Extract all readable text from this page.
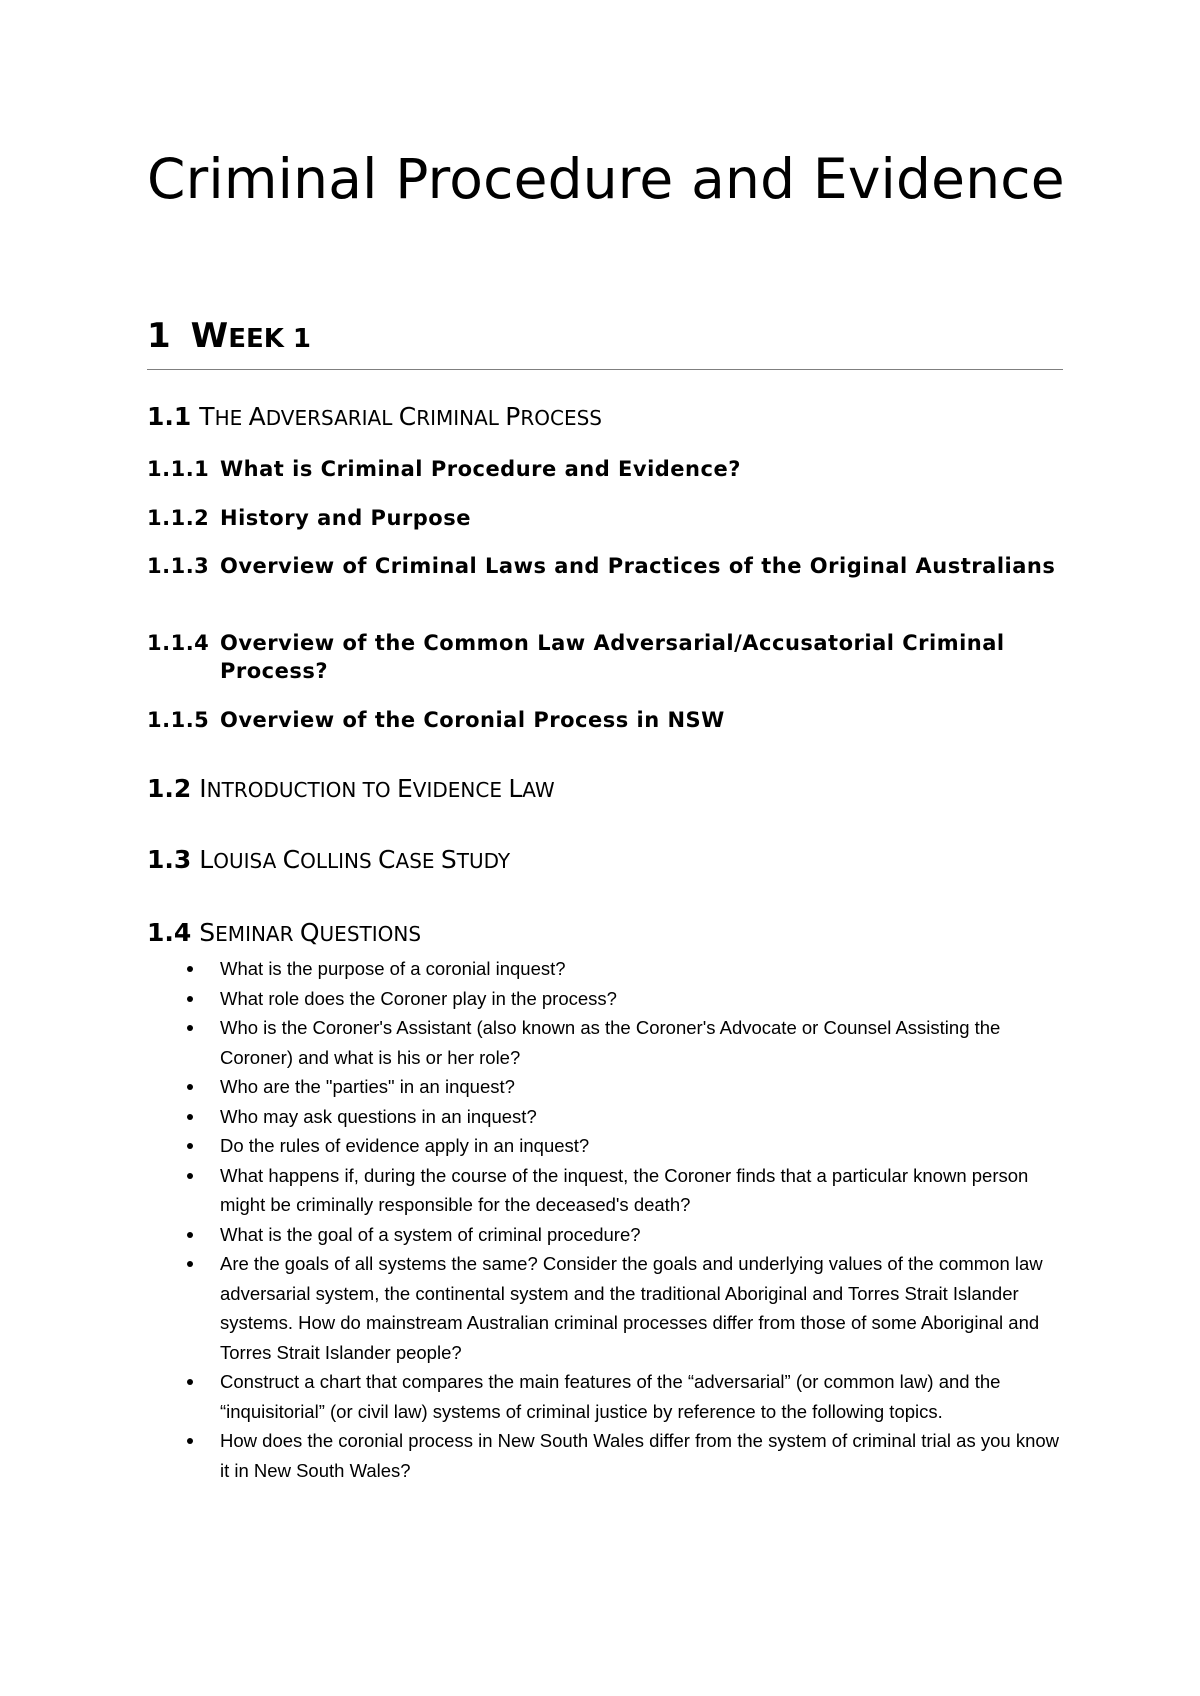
Criminal Procedure and Evidence
1 WEEK 1
1.1 THE ADVERSARIAL CRIMINAL PROCESS
1.1.1 What is Criminal Procedure and Evidence?
1.1.2 History and Purpose
1.1.3 Overview of Criminal Laws and Practices of the Original Australians
1.1.4 Overview of the Common Law Adversarial/Accusatorial Criminal Process?
1.1.5 Overview of the Coronial Process in NSW
1.2 INTRODUCTION TO EVIDENCE LAW
1.3 LOUISA COLLINS CASE STUDY
1.4 SEMINAR QUESTIONS
What is the purpose of a coronial inquest?
What role does the Coroner play in the process?
Who is the Coroner's Assistant (also known as the Coroner's Advocate or Counsel Assisting the Coroner) and what is his or her role?
Who are the "parties" in an inquest?
Who may ask questions in an inquest?
Do the rules of evidence apply in an inquest?
What happens if, during the course of the inquest, the Coroner finds that a particular known person might be criminally responsible for the deceased's death?
What is the goal of a system of criminal procedure?
Are the goals of all systems the same? Consider the goals and underlying values of the common law adversarial system, the continental system and the traditional Aboriginal and Torres Strait Islander systems. How do mainstream Australian criminal processes differ from those of some Aboriginal and Torres Strait Islander people?
Construct a chart that compares the main features of the “adversarial” (or common law) and the “inquisitorial” (or civil law) systems of criminal justice by reference to the following topics.
How does the coronial process in New South Wales differ from the system of criminal trial as you know it in New South Wales?
